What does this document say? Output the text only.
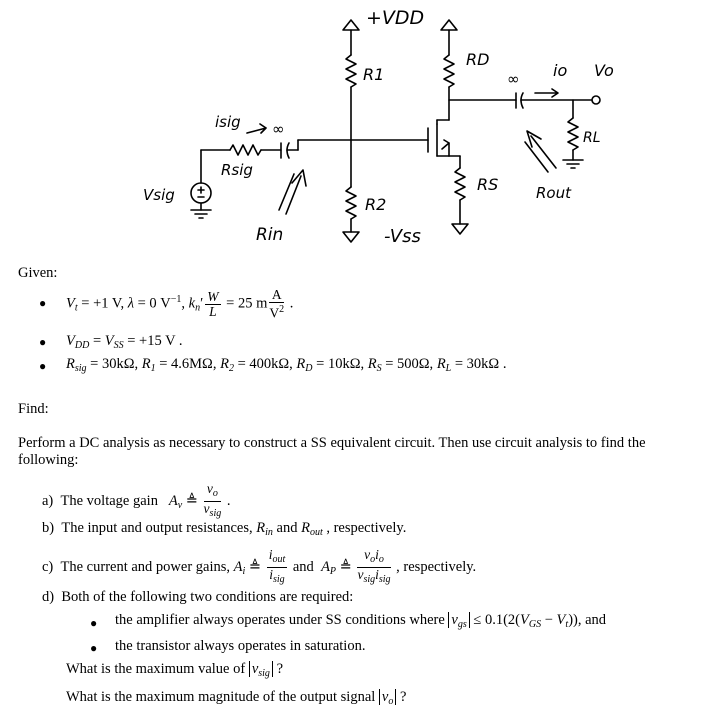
+VDD
R1
RD
R2
RS
-Vss
RL
Rsig
Vsig
isig
io Vo
Rin
Rout
∞
∞
Given:
● $V_t = +1$ V, λ = 0 $V^{-1}$, $k_n' \frac{W}{L} = 25$ m $\frac{A}{V^2}$ .
● $V_{DD} = V_{SS} = +15$ V .
● $R_{sig} = 30k\Omega$, $R_1 = 4.6M\Omega$, $R_2 = 400k\Omega$, $R_D = 10k\Omega$, $R_S = 500\Omega$, $R_L = 30k\Omega$ .
Find:
Perform a DC analysis as necessary to construct a SS equivalent circuit. Then use circuit analysis to find the
following:
a) The voltage gain $A_v$ ≜ $\frac{v_o}{v_{sig}}$ .
b) The input and output resistances, $R_{in}$ and $R_{out}$ , respectively.
c) The current and power gains, $A_i$ ≜ $\frac{i_{out}}{i_{sig}}$ and $A_P$ ≜ $\frac{v_oi_o}{v_{sig}i_{sig}}$ , respectively.
d) Both of the following two conditions are required:
● the amplifier always operates under SS conditions where $v_{gs} \le 0.1(2(V_{GS} - V_t))$, and
● the transistor always operates in saturation.
What is the maximum value of $v_{sig}$ ?
What is the maximum magnitude of the output signal $v_o$ ?
